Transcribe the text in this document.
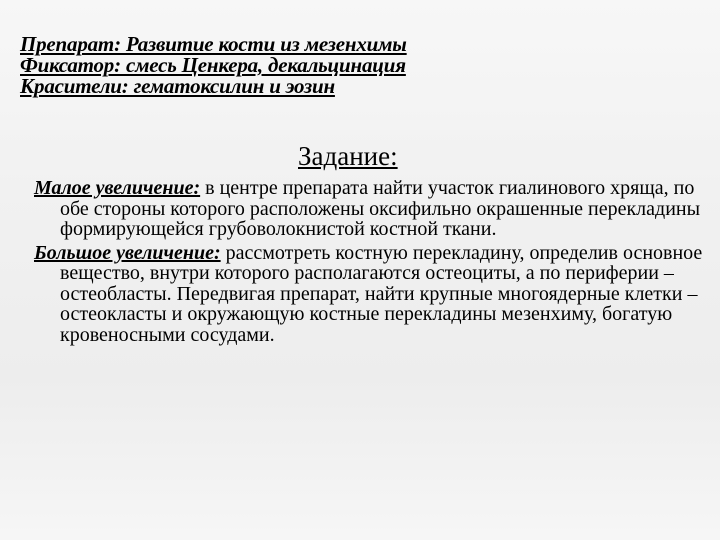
Препарат: Развитие кости из мезенхимы
Фиксатор: смесь Ценкера, декальцинация
Красители: гематоксилин и эозин
Задание:

Малое увеличение: в центре препарата найти участок гиалинового хряща, по обе стороны которого расположены оксифильно окрашенные перекладины формирующейся грубоволокнистой костной ткани.

Большое увеличение: рассмотреть костную перекладину, определив основное вещество, внутри которого располагаются остеоциты, а по периферии – остеобласты. Передвигая препарат, найти крупные многоядерные клетки – остеокласты и окружающую костные перекладины мезенхиму, богатую кровеносными сосудами.
